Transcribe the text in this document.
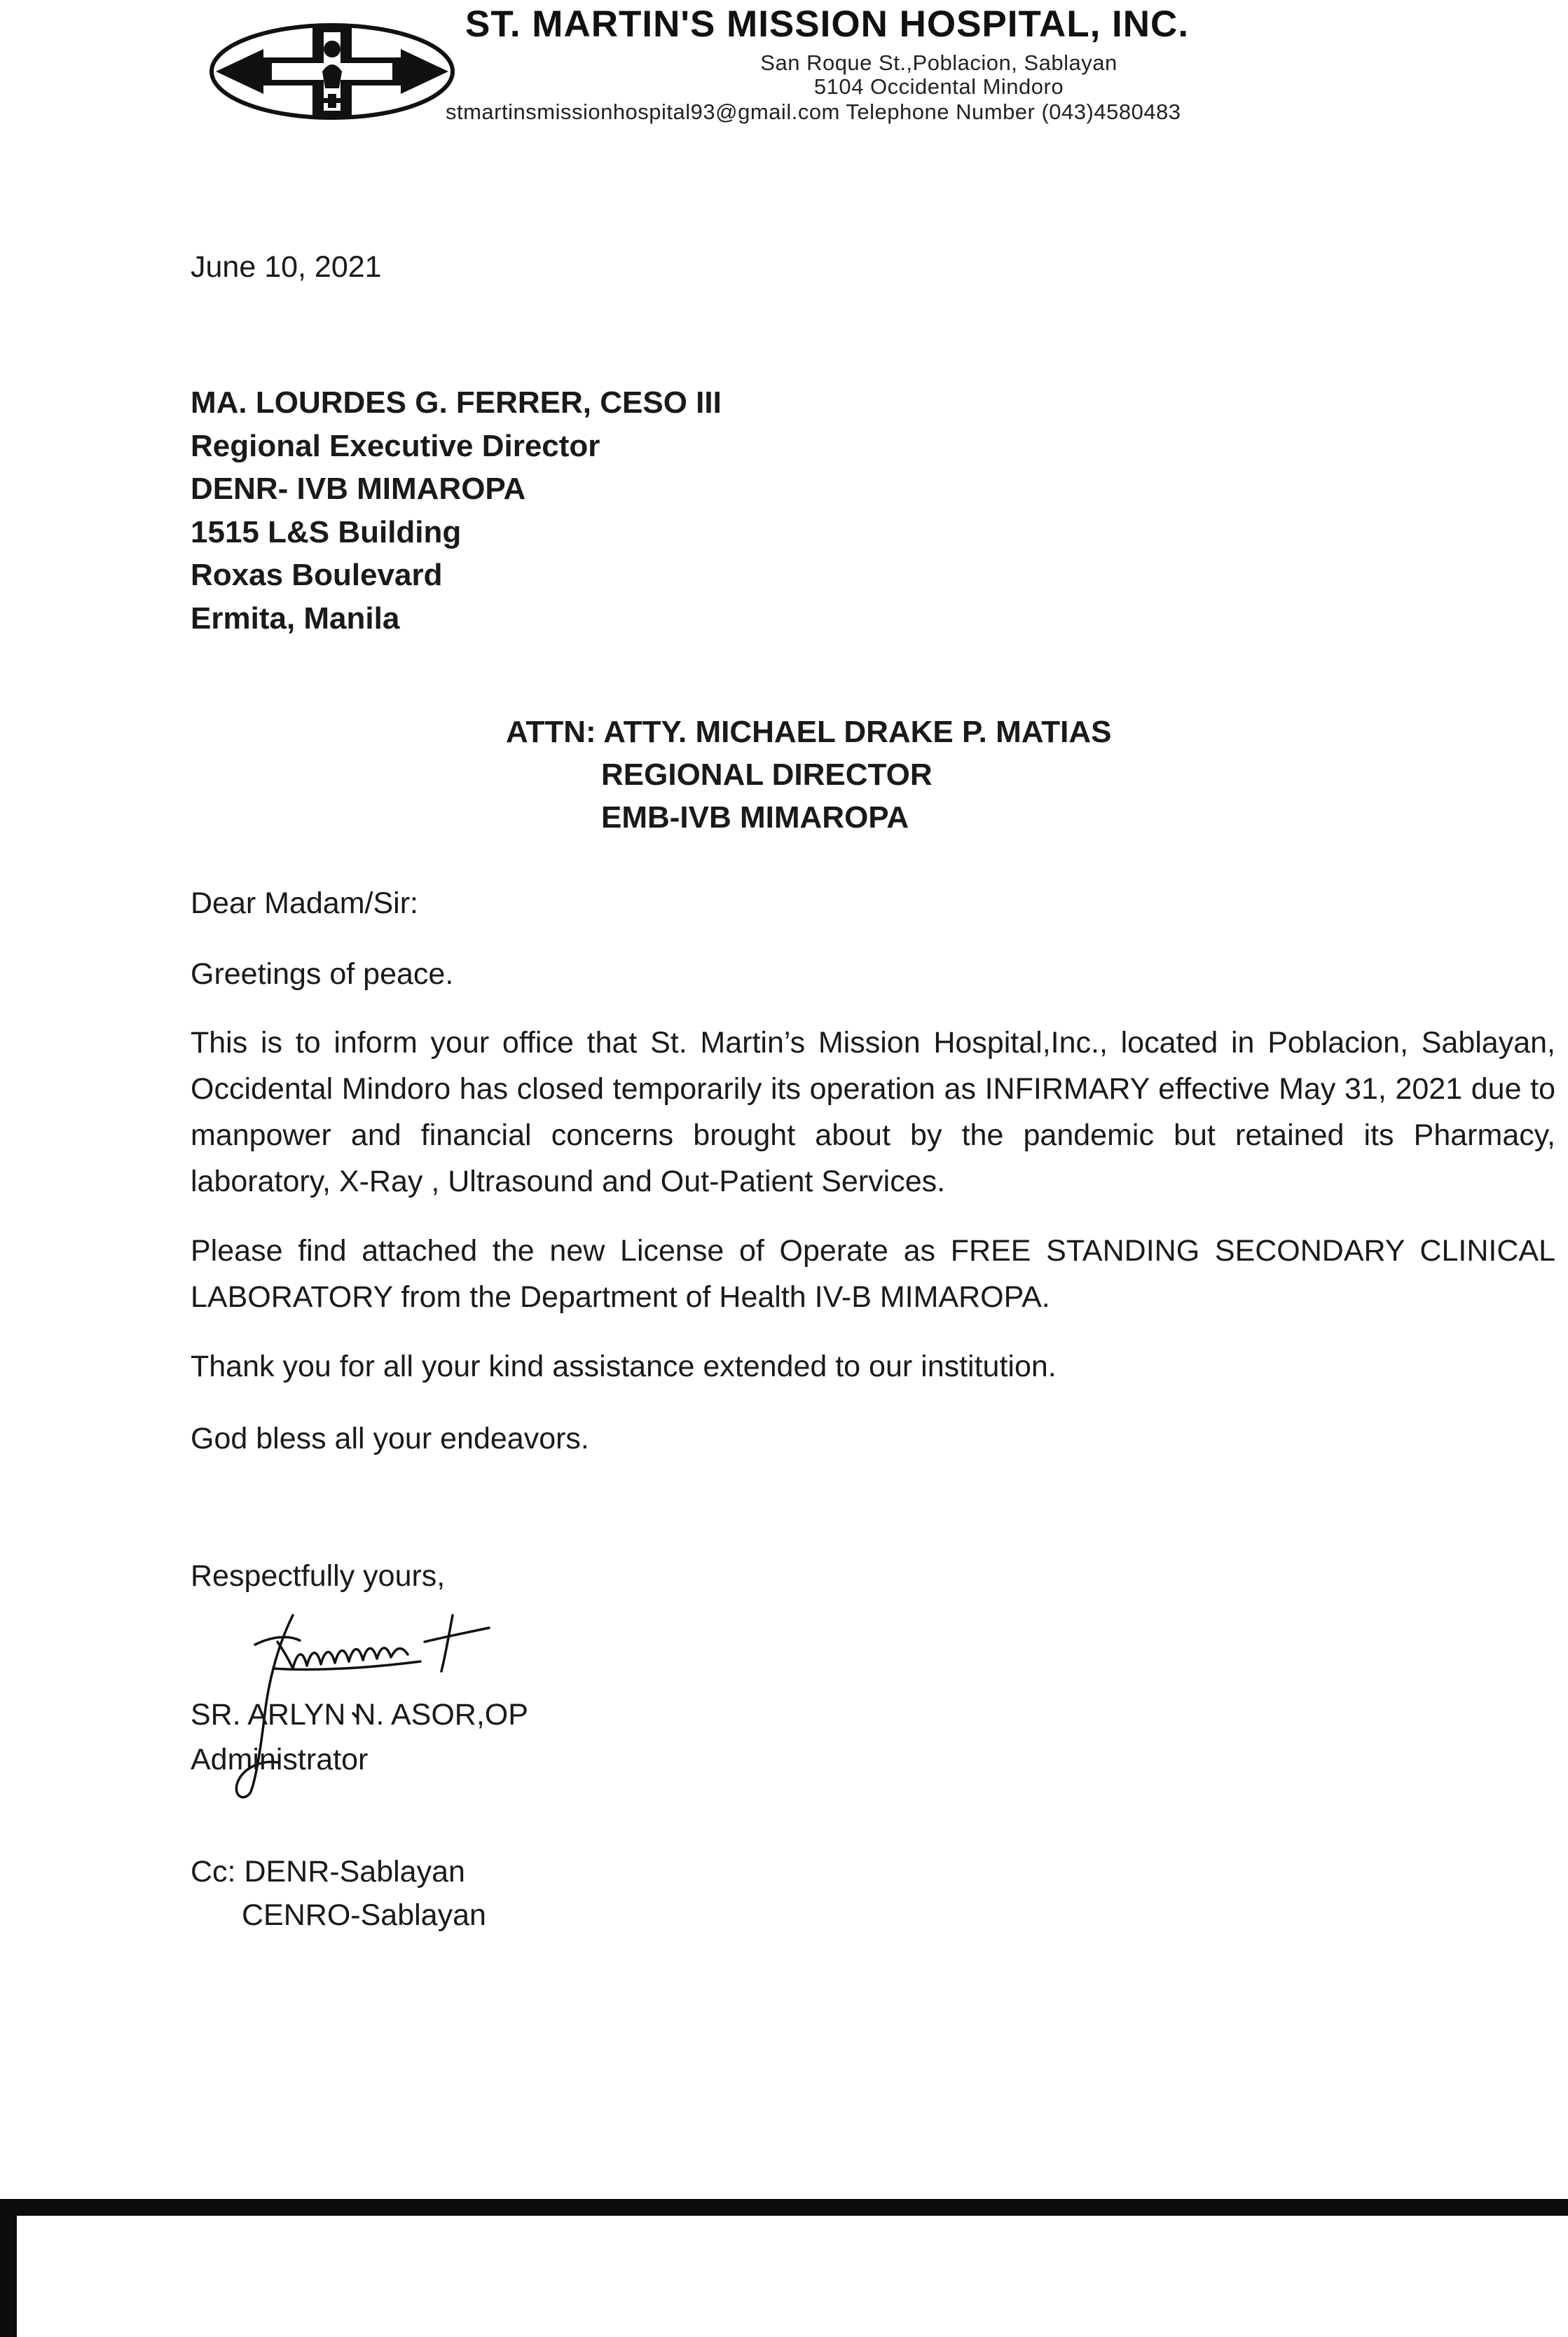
ST. MARTIN'S MISSION HOSPITAL, INC.
San Roque St.,Poblacion, Sablayan
5104 Occidental Mindoro
stmartinsmissionhospital93@gmail.com Telephone Number (043)4580483
June 10, 2021
MA. LOURDES G. FERRER, CESO III
Regional Executive Director
DENR- IVB MIMAROPA
1515 L&S Building
Roxas Boulevard
Ermita, Manila
ATTN: ATTY. MICHAEL DRAKE P. MATIAS
REGIONAL DIRECTOR
EMB-IVB MIMAROPA
Dear Madam/Sir:
Greetings of peace.
This is to inform your office that St. Martin’s Mission Hospital,Inc., located in Poblacion, Sablayan, Occidental Mindoro has closed temporarily its operation as INFIRMARY effective May 31, 2021 due to manpower and financial concerns brought about by the pandemic but retained its Pharmacy, laboratory, X-Ray , Ultrasound and Out-Patient Services.
Please find attached the new License of Operate as FREE STANDING SECONDARY CLINICAL LABORATORY from the Department of Health IV-B MIMAROPA.
Thank you for all your kind assistance extended to our institution.
God bless all your endeavors.
Respectfully yours,
SR. ARLYN N. ASOR,OP
Administrator
Cc: DENR-Sablayan
CENRO-Sablayan
